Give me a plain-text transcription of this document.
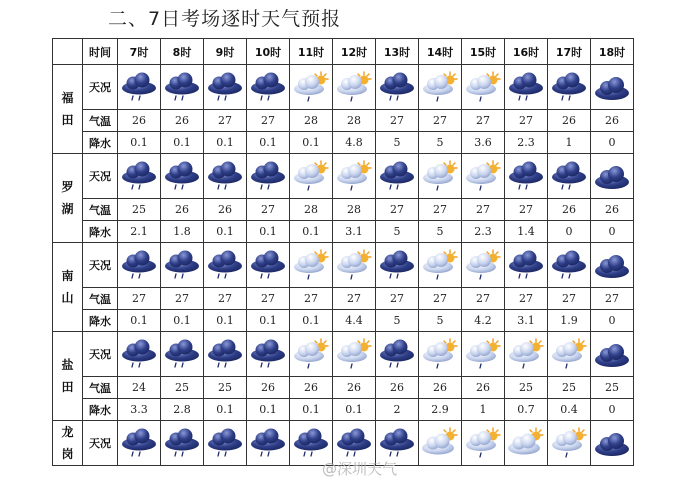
二、7日考场逐时天气预报
	时间	7时	8时	9时	10时	11时	12时	13时	14时	15时	16时	17时	18时
福田	天况	

	气温	26	26	27	27	28	28	27	27	27	27	26	26
	降水	0.1	0.1	0.1	0.1	0.1	4.8	5	5	3.6	2.3	1	0
罗湖	天况	

	气温	25	26	26	27	28	28	27	27	27	27	26	26
	降水	2.1	1.8	0.1	0.1	0.1	3.1	5	5	2.3	1.4	0	0
南山	天况	

	气温	27	27	27	27	27	27	27	27	27	27	27	27
	降水	0.1	0.1	0.1	0.1	0.1	4.4	5	5	4.2	3.1	1.9	0
盐田	天况	

	气温	24	25	25	26	26	26	26	26	26	25	25	25
	降水	3.3	2.8	0.1	0.1	0.1	0.1	2	2.9	1	0.7	0.4	0
龙岗	天况	

@深圳天气
